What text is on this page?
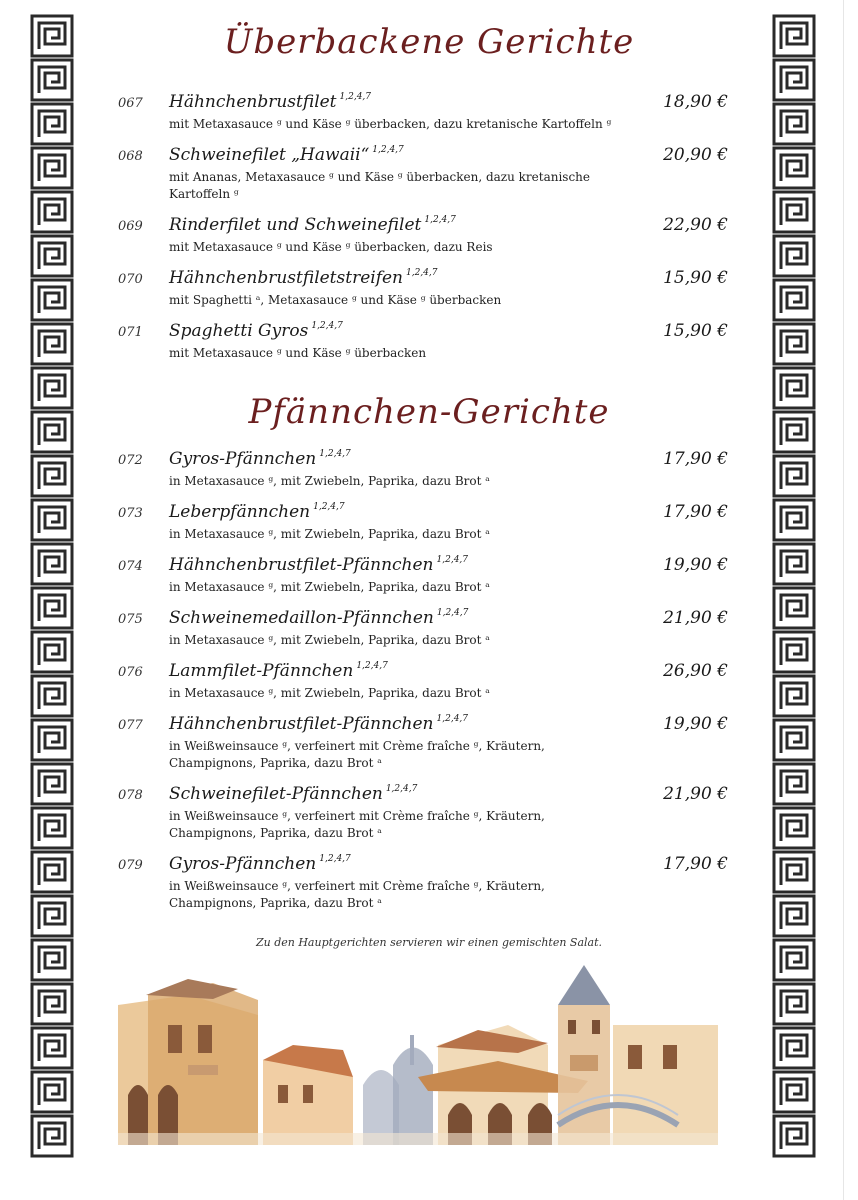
Überbackene Gerichte
067 Hähnchenbrustfilet $^{1,2,4,7}$	18,90 €
mit Metaxasauce ᵍ und Käse ᵍ überbacken, dazu kretanische Kartoffeln ᵍ
068 Schweinefilet „Hawaii“ $^{1,2,4,7}$	20,90 €
mit Ananas, Metaxasauce ᵍ und Käse ᵍ überbacken, dazu kretanische Kartoffeln ᵍ
069 Rinderfilet und Schweinefilet $^{1,2,4,7}$	22,90 €
mit Metaxasauce ᵍ und Käse ᵍ überbacken, dazu Reis
070 Hähnchenbrustfiletstreifen $^{1,2,4,7}$	15,90 €
mit Spaghetti ᵃ, Metaxasauce ᵍ und Käse ᵍ überbacken
071 Spaghetti Gyros $^{1,2,4,7}$	15,90 €
mit Metaxasauce ᵍ und Käse ᵍ überbacken
Pfännchen-Gerichte
072 Gyros-Pfännchen $^{1,2,4,7}$	17,90 €
in Metaxasauce ᵍ, mit Zwiebeln, Paprika, dazu Brot ᵃ
073 Leberpfännchen $^{1,2,4,7}$	17,90 €
in Metaxasauce ᵍ, mit Zwiebeln, Paprika, dazu Brot ᵃ
074 Hähnchenbrustfilet-Pfännchen $^{1,2,4,7}$	19,90 €
in Metaxasauce ᵍ, mit Zwiebeln, Paprika, dazu Brot ᵃ
075 Schweinemedaillon-Pfännchen $^{1,2,4,7}$	21,90 €
in Metaxasauce ᵍ, mit Zwiebeln, Paprika, dazu Brot ᵃ
076 Lammfilet-Pfännchen $^{1,2,4,7}$	26,90 €
in Metaxasauce ᵍ, mit Zwiebeln, Paprika, dazu Brot ᵃ
077 Hähnchenbrustfilet-Pfännchen $^{1,2,4,7}$	19,90 €
in Weißweinsauce ᵍ, verfeinert mit Crème fraîche ᵍ, Kräutern, Champignons, Paprika, dazu Brot ᵃ
078 Schweinefilet-Pfännchen $^{1,2,4,7}$	21,90 €
in Weißweinsauce ᵍ, verfeinert mit Crème fraîche ᵍ, Kräutern, Champignons, Paprika, dazu Brot ᵃ
079 Gyros-Pfännchen $^{1,2,4,7}$	17,90 €
in Weißweinsauce ᵍ, verfeinert mit Crème fraîche ᵍ, Kräutern, Champignons, Paprika, dazu Brot ᵃ
Zu den Hauptgerichten servieren wir einen gemischten Salat.
